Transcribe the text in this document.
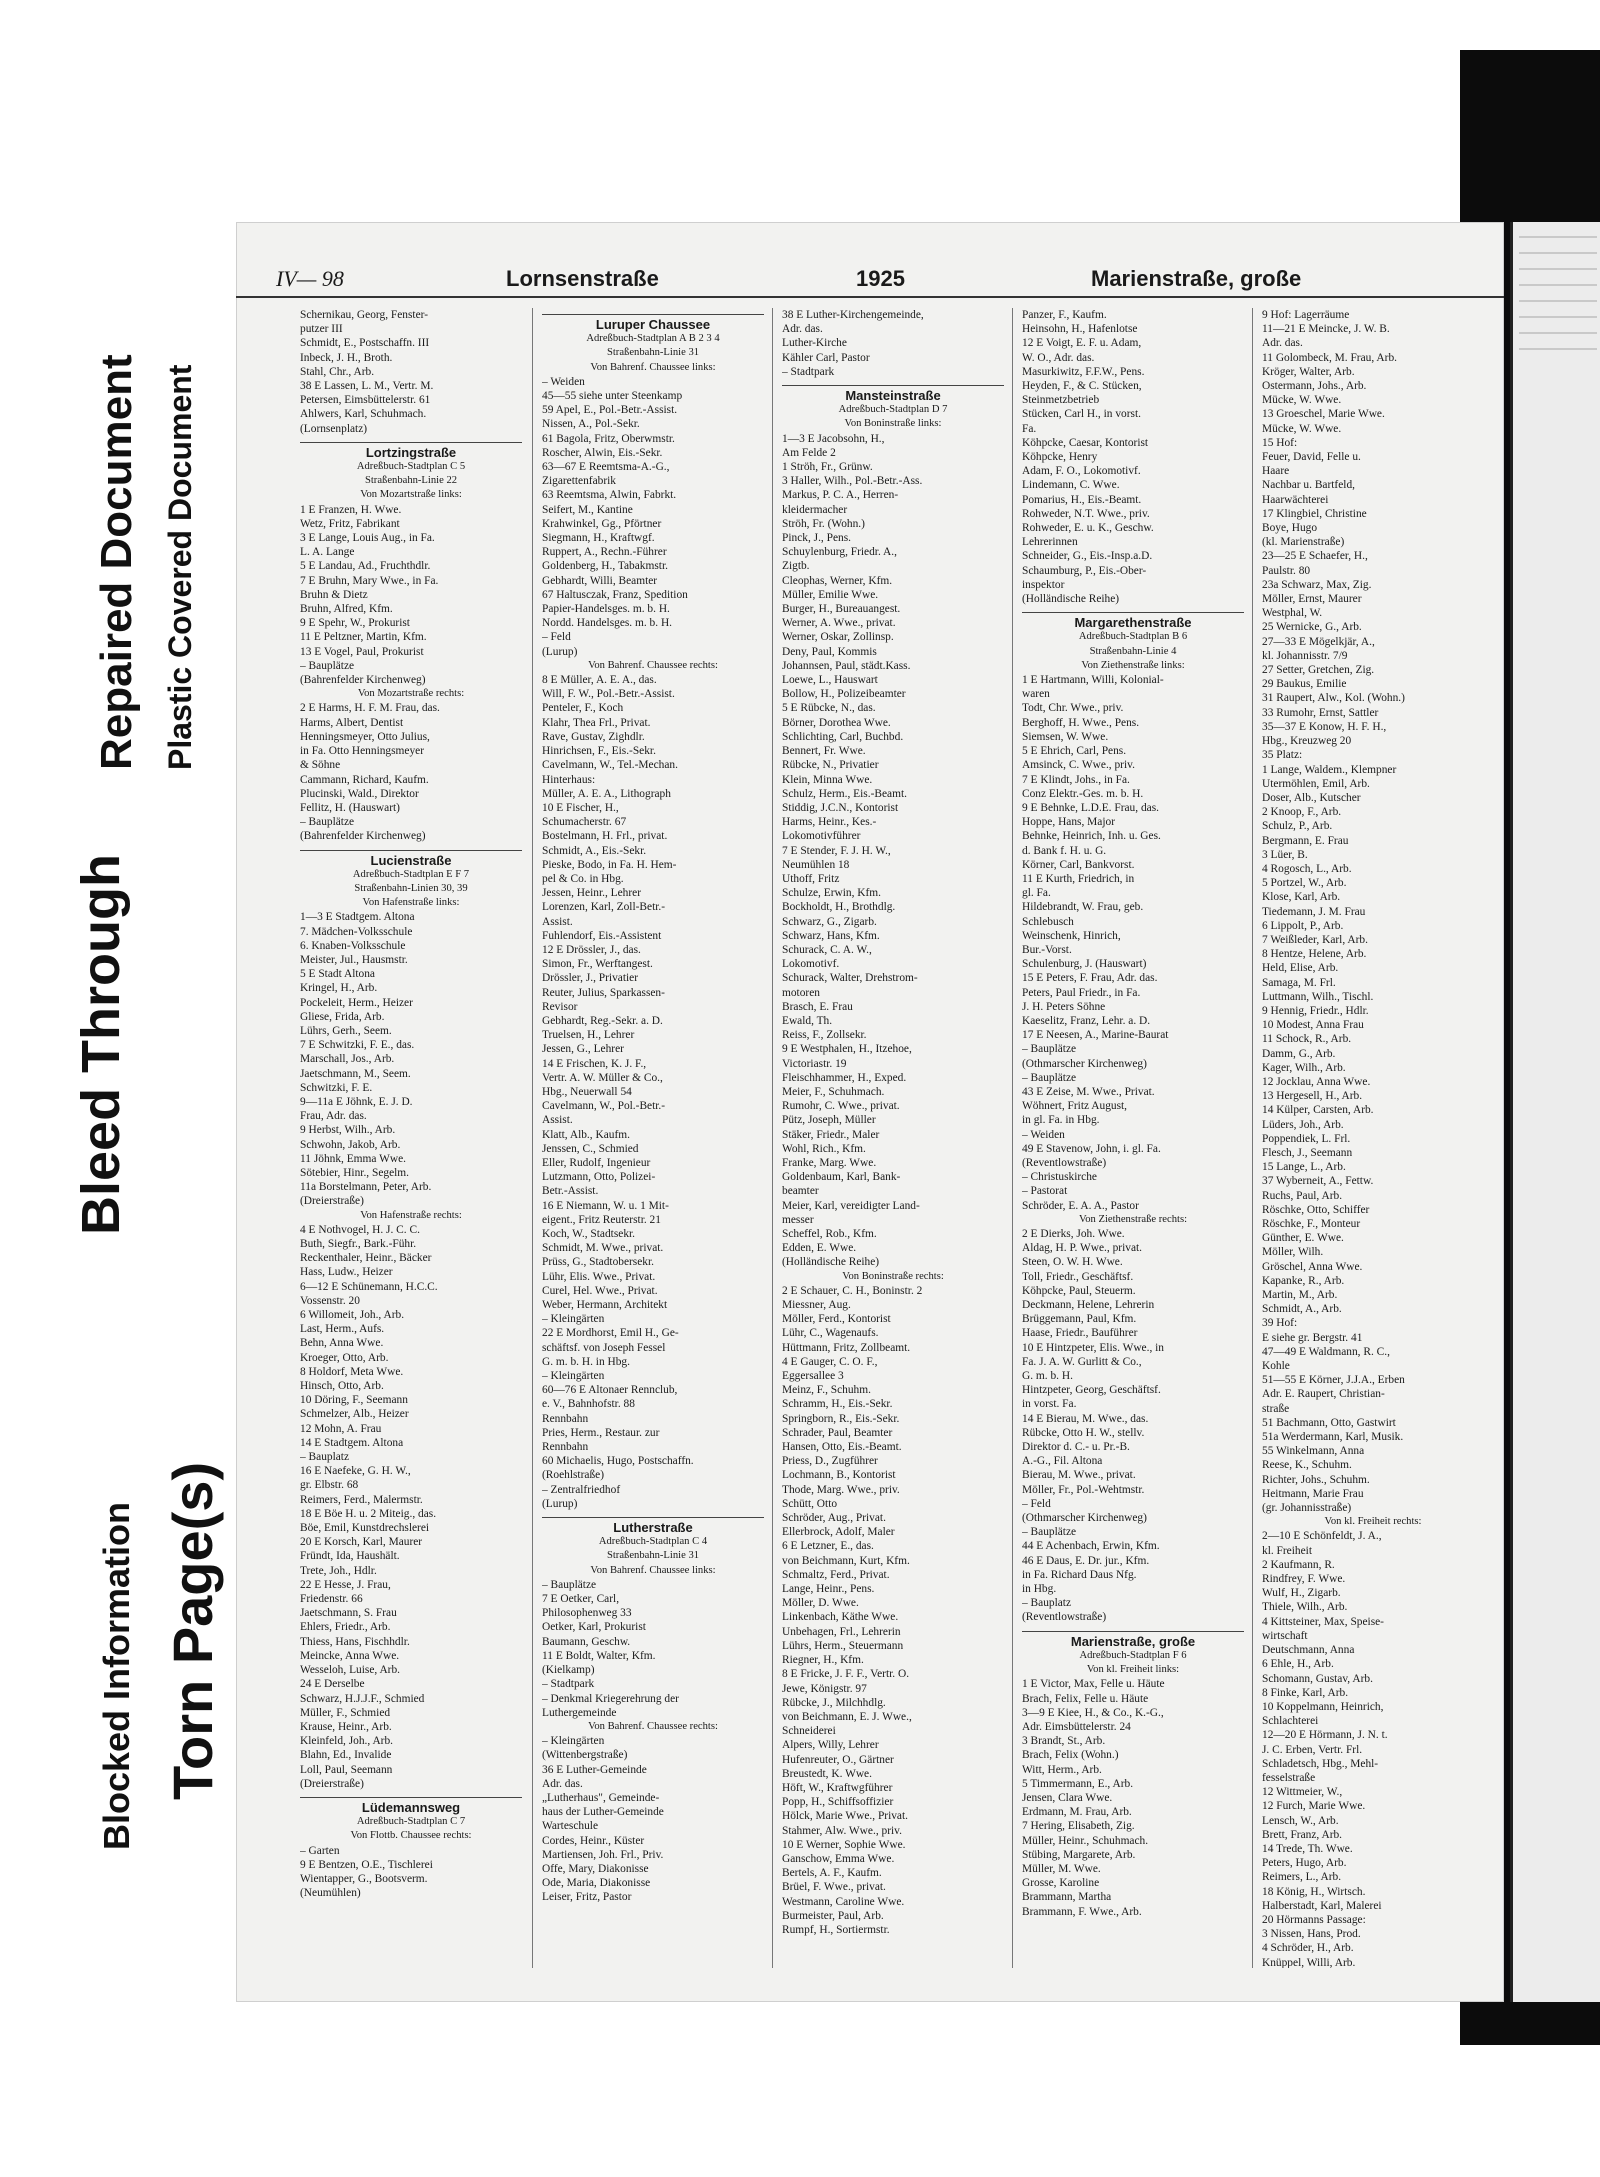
Bleed Through
Repaired Document Plastic Covered Document
Blocked Information Torn Page(s)
IV— 98	Lornsenstraße	1925	Marienstraße, große
Schernikau, Georg, Fenster-
putzer III
Schmidt, E., Postschaffn. III
Inbeck, J. H., Broth.
Stahl, Chr., Arb.
38 E Lassen, L. M., Vertr. M.
Petersen, Eimsbüttelerstr. 61
Ahlwers, Karl, Schuhmach.
(Lornsenplatz)
Lortzingstraße
Adreßbuch-Stadtplan C 5
Straßenbahn-Linie 22
Von Mozartstraße links:
1 E Franzen, H. Wwe.
Wetz, Fritz, Fabrikant
3 E Lange, Louis Aug., in Fa.
L. A. Lange
5 E Landau, Ad., Fruchthdlr.
7 E Bruhn, Mary Wwe., in Fa.
Bruhn & Dietz
Bruhn, Alfred, Kfm.
9 E Spehr, W., Prokurist
11 E Peltzner, Martin, Kfm.
13 E Vogel, Paul, Prokurist
– Bauplätze
(Bahrenfelder Kirchenweg)
Von Mozartstraße rechts:
2 E Harms, H. F. M. Frau, das.
Harms, Albert, Dentist
Henningsmeyer, Otto Julius,
in Fa. Otto Henningsmeyer
& Söhne
Cammann, Richard, Kaufm.
Plucinski, Wald., Direktor
Fellitz, H. (Hauswart)
– Bauplätze
(Bahrenfelder Kirchenweg)
Lucienstraße
Adreßbuch-Stadtplan E F 7
Straßenbahn-Linien 30, 39
Von Hafenstraße links:
1—3 E Stadtgem. Altona
7. Mädchen-Volksschule
6. Knaben-Volksschule
Meister, Jul., Hausmstr.
5 E Stadt Altona
Kringel, H., Arb.
Pockeleit, Herm., Heizer
Gliese, Frida, Arb.
Lührs, Gerh., Seem.
7 E Schwitzki, F. E., das.
Marschall, Jos., Arb.
Jaetschmann, M., Seem.
Schwitzki, F. E.
9—11a E Jöhnk, E. J. D.
Frau, Adr. das.
9 Herbst, Wilh., Arb.
Schwohn, Jakob, Arb.
11 Jöhnk, Emma Wwe.
Sötebier, Hinr., Segelm.
11a Borstelmann, Peter, Arb.
(Dreierstraße)
Von Hafenstraße rechts:
4 E Nothvogel, H. J. C. C.
Buth, Siegfr., Bark.-Führ.
Reckenthaler, Heinr., Bäcker
Hass, Ludw., Heizer
6—12 E Schünemann, H.C.C.
Vossenstr. 20
6 Willomeit, Joh., Arb.
Last, Herm., Aufs.
Behn, Anna Wwe.
Kroeger, Otto, Arb.
8 Holdorf, Meta Wwe.
Hinsch, Otto, Arb.
10 Döring, F., Seemann
Schmelzer, Alb., Heizer
12 Mohn, A. Frau
14 E Stadtgem. Altona
– Bauplatz
16 E Naefeke, G. H. W.,
gr. Elbstr. 68
Reimers, Ferd., Malermstr.
18 E Böe H. u. 2 Miteig., das.
Böe, Emil, Kunstdrechslerei
20 E Korsch, Karl, Maurer
Fründt, Ida, Haushält.
Trete, Joh., Hdlr.
22 E Hesse, J. Frau,
Friedenstr. 66
Jaetschmann, S. Frau
Ehlers, Friedr., Arb.
Thiess, Hans, Fischhdlr.
Meincke, Anna Wwe.
Wesseloh, Luise, Arb.
24 E Derselbe
Schwarz, H.J.J.F., Schmied
Müller, F., Schmied
Krause, Heinr., Arb.
Kleinfeld, Joh., Arb.
Blahn, Ed., Invalide
Loll, Paul, Seemann
(Dreierstraße)
Lüdemannsweg
Adreßbuch-Stadtplan C 7
Von Flottb. Chaussee rechts:
– Garten
9 E Bentzen, O.E., Tischlerei
Wientapper, G., Bootsverm.
(Neumühlen)
Luruper Chaussee
Adreßbuch-Stadtplan A B 2 3 4
Straßenbahn-Linie 31
Von Bahrenf. Chaussee links:
– Weiden
45—55 siehe unter Steenkamp
59 Apel, E., Pol.-Betr.-Assist.
Nissen, A., Pol.-Sekr.
61 Bagola, Fritz, Oberwmstr.
Roscher, Alwin, Eis.-Sekr.
63—67 E Reemtsma-A.-G.,
Zigarettenfabrik
63 Reemtsma, Alwin, Fabrkt.
Seifert, M., Kantine
Krahwinkel, Gg., Pförtner
Siegmann, H., Kraftwgf.
Ruppert, A., Rechn.-Führer
Goldenberg, H., Tabakmstr.
Gebhardt, Willi, Beamter
67 Haltusczak, Franz, Spedition
Papier-Handelsges. m. b. H.
Nordd. Handelsges. m. b. H.
– Feld
(Lurup)
Von Bahrenf. Chaussee rechts:
8 E Müller, A. E. A., das.
Will, F. W., Pol.-Betr.-Assist.
Penteler, F., Koch
Klahr, Thea Frl., Privat.
Rave, Gustav, Zighdlr.
Hinrichsen, F., Eis.-Sekr.
Cavelmann, W., Tel.-Mechan.
Hinterhaus:
Müller, A. E. A., Lithograph
10 E Fischer, H.,
Schumacherstr. 67
Bostelmann, H. Frl., privat.
Schmidt, A., Eis.-Sekr.
Pieske, Bodo, in Fa. H. Hem-
pel & Co. in Hbg.
Jessen, Heinr., Lehrer
Lorenzen, Karl, Zoll-Betr.-
Assist.
Fuhlendorf, Eis.-Assistent
12 E Drössler, J., das.
Simon, Fr., Werftangest.
Drössler, J., Privatier
Reuter, Julius, Sparkassen-
Revisor
Gebhardt, Reg.-Sekr. a. D.
Truelsen, H., Lehrer
Jessen, G., Lehrer
14 E Frischen, K. J. F.,
Vertr. A. W. Müller & Co.,
Hbg., Neuerwall 54
Cavelmann, W., Pol.-Betr.-
Assist.
Klatt, Alb., Kaufm.
Jenssen, C., Schmied
Eller, Rudolf, Ingenieur
Lutzmann, Otto, Polizei-
Betr.-Assist.
16 E Niemann, W. u. 1 Mit-
eigent., Fritz Reuterstr. 21
Koch, W., Stadtsekr.
Schmidt, M. Wwe., privat.
Prüss, G., Stadtobersekr.
Lühr, Elis. Wwe., Privat.
Curel, Hel. Wwe., Privat.
Weber, Hermann, Architekt
– Kleingärten
22 E Mordhorst, Emil H., Ge-
schäftsf. von Joseph Fessel
G. m. b. H. in Hbg.
– Kleingärten
60—76 E Altonaer Rennclub,
e. V., Bahnhofstr. 88
Rennbahn
Pries, Herm., Restaur. zur
Rennbahn
60 Michaelis, Hugo, Postschaffn.
(Roehlstraße)
– Zentralfriedhof
(Lurup)
Lutherstraße
Adreßbuch-Stadtplan C 4
Straßenbahn-Linie 31
Von Bahrenf. Chaussee links:
– Bauplätze
7 E Oetker, Carl,
Philosophenweg 33
Oetker, Karl, Prokurist
Baumann, Geschw.
11 E Boldt, Walter, Kfm.
(Kielkamp)
– Stadtpark
– Denkmal Kriegerehrung der
Luthergemeinde
Von Bahrenf. Chaussee rechts:
– Kleingärten
(Wittenbergstraße)
36 E Luther-Gemeinde
Adr. das.
„Lutherhaus", Gemeinde-
haus der Luther-Gemeinde
Warteschule
Cordes, Heinr., Küster
Martiensen, Joh. Frl., Priv.
Offe, Mary, Diakonisse
Ode, Maria, Diakonisse
Leiser, Fritz, Pastor
38 E Luther-Kirchengemeinde,
Adr. das.
Luther-Kirche
Kähler Carl, Pastor
– Stadtpark
Mansteinstraße
Adreßbuch-Stadtplan D 7
Von Boninstraße links:
1—3 E Jacobsohn, H.,
Am Felde 2
1 Ströh, Fr., Grünw.
3 Haller, Wilh., Pol.-Betr.-Ass.
Markus, P. C. A., Herren-
kleidermacher
Ströh, Fr. (Wohn.)
Pinck, J., Pens.
Schuylenburg, Friedr. A.,
Zigtb.
Cleophas, Werner, Kfm.
Müller, Emilie Wwe.
Burger, H., Bureauangest.
Werner, A. Wwe., privat.
Werner, Oskar, Zollinsp.
Deny, Paul, Kommis
Johannsen, Paul, städt.Kass.
Loewe, L., Hauswart
Bollow, H., Polizeibeamter
5 E Rübcke, N., das.
Börner, Dorothea Wwe.
Schlichting, Carl, Buchbd.
Bennert, Fr. Wwe.
Rübcke, N., Privatier
Klein, Minna Wwe.
Schulz, Herm., Eis.-Beamt.
Stiddig, J.C.N., Kontorist
Harms, Heinr., Kes.-
Lokomotivführer
7 E Stender, F. J. H. W.,
Neumühlen 18
Uthoff, Fritz
Schulze, Erwin, Kfm.
Bockholdt, H., Brothdlg.
Schwarz, G., Zigarb.
Schwarz, Hans, Kfm.
Schurack, C. A. W.,
Lokomotivf.
Schurack, Walter, Drehstrom-
motoren
Brasch, E. Frau
Ewald, Th.
Reiss, F., Zollsekr.
9 E Westphalen, H., Itzehoe,
Victoriastr. 19
Fleischhammer, H., Exped.
Meier, F., Schuhmach.
Rumohr, C. Wwe., privat.
Pütz, Joseph, Müller
Stäker, Friedr., Maler
Wohl, Rich., Kfm.
Franke, Marg. Wwe.
Goldenbaum, Karl, Bank-
beamter
Meier, Karl, vereidigter Land-
messer
Scheffel, Rob., Kfm.
Edden, E. Wwe.
(Holländische Reihe)
Von Boninstraße rechts:
2 E Schauer, C. H., Boninstr. 2
Miessner, Aug.
Möller, Ferd., Kontorist
Lühr, C., Wagenaufs.
Hüttmann, Fritz, Zollbeamt.
4 E Gauger, C. O. F.,
Eggersallee 3
Meinz, F., Schuhm.
Schramm, H., Eis.-Sekr.
Springborn, R., Eis.-Sekr.
Schrader, Paul, Beamter
Hansen, Otto, Eis.-Beamt.
Priess, D., Zugführer
Lochmann, B., Kontorist
Thode, Marg. Wwe., priv.
Schütt, Otto
Schröder, Aug., Privat.
Ellerbrock, Adolf, Maler
6 E Letzner, E., das.
von Beichmann, Kurt, Kfm.
Schmaltz, Ferd., Privat.
Lange, Heinr., Pens.
Möller, D. Wwe.
Linkenbach, Käthe Wwe.
Unbehagen, Frl., Lehrerin
Lührs, Herm., Steuermann
Riegner, H., Kfm.
8 E Fricke, J. F. F., Vertr. O.
Jewe, Königstr. 97
Rübcke, J., Milchhdlg.
von Beichmann, E. J. Wwe.,
Schneiderei
Alpers, Willy, Lehrer
Hufenreuter, O., Gärtner
Breustedt, K. Wwe.
Höft, W., Kraftwgführer
Popp, H., Schiffsoffizier
Hölck, Marie Wwe., Privat.
Stahmer, Alw. Wwe., priv.
10 E Werner, Sophie Wwe.
Ganschow, Emma Wwe.
Bertels, A. F., Kaufm.
Brüel, F. Wwe., privat.
Westmann, Caroline Wwe.
Burmeister, Paul, Arb.
Rumpf, H., Sortiermstr.
Panzer, F., Kaufm.
Heinsohn, H., Hafenlotse
12 E Voigt, E. F. u. Adam,
W. O., Adr. das.
Masurkiwitz, F.F.W., Pens.
Heyden, F., & C. Stücken,
Steinmetzbetrieb
Stücken, Carl H., in vorst.
Fa.
Köhpcke, Caesar, Kontorist
Köhpcke, Henry
Adam, F. O., Lokomotivf.
Lindemann, C. Wwe.
Pomarius, H., Eis.-Beamt.
Rohweder, N.T. Wwe., priv.
Rohweder, E. u. K., Geschw.
Lehrerinnen
Schneider, G., Eis.-Insp.a.D.
Schaumburg, P., Eis.-Ober-
inspektor
(Holländische Reihe)
Margarethenstraße
Adreßbuch-Stadtplan B 6
Straßenbahn-Linie 4
Von Ziethenstraße links:
1 E Hartmann, Willi, Kolonial-
waren
Todt, Chr. Wwe., priv.
Berghoff, H. Wwe., Pens.
Siemsen, W. Wwe.
5 E Ehrich, Carl, Pens.
Amsinck, C. Wwe., priv.
7 E Klindt, Johs., in Fa.
Conz Elektr.-Ges. m. b. H.
9 E Behnke, L.D.E. Frau, das.
Hoppe, Hans, Major
Behnke, Heinrich, Inh. u. Ges.
d. Bank f. H. u. G.
Körner, Carl, Bankvorst.
11 E Kurth, Friedrich, in
gl. Fa.
Hildebrandt, W. Frau, geb.
Schlebusch
Weinschenk, Hinrich,
Bur.-Vorst.
Schulenburg, J. (Hauswart)
15 E Peters, F. Frau, Adr. das.
Peters, Paul Friedr., in Fa.
J. H. Peters Söhne
Kaeselitz, Franz, Lehr. a. D.
17 E Neesen, A., Marine-Baurat
– Bauplätze
(Othmarscher Kirchenweg)
– Bauplätze
43 E Zeise, M. Wwe., Privat.
Wöhnert, Fritz August,
in gl. Fa. in Hbg.
– Weiden
49 E Stavenow, John, i. gl. Fa.
(Reventlowstraße)
– Christuskirche
– Pastorat
Schröder, E. A. A., Pastor
Von Ziethenstraße rechts:
2 E Dierks, Joh. Wwe.
Aldag, H. P. Wwe., privat.
Steen, O. W. H. Wwe.
Toll, Friedr., Geschäftsf.
Köhpcke, Paul, Steuerm.
Deckmann, Helene, Lehrerin
Brüggemann, Paul, Kfm.
Haase, Friedr., Bauführer
10 E Hintzpeter, Elis. Wwe., in
Fa. J. A. W. Gurlitt & Co.,
G. m. b. H.
Hintzpeter, Georg, Geschäftsf.
in vorst. Fa.
14 E Bierau, M. Wwe., das.
Rübcke, Otto H. W., stellv.
Direktor d. C.- u. Pr.-B.
A.-G., Fil. Altona
Bierau, M. Wwe., privat.
Möller, Fr., Pol.-Wehtmstr.
– Feld
(Othmarscher Kirchenweg)
– Bauplätze
44 E Achenbach, Erwin, Kfm.
46 E Daus, E. Dr. jur., Kfm.
in Fa. Richard Daus Nfg.
in Hbg.
– Bauplatz
(Reventlowstraße)
Marienstraße, große
Adreßbuch-Stadtplan F 6
Von kl. Freiheit links:
1 E Victor, Max, Felle u. Häute
Brach, Felix, Felle u. Häute
3—9 E Kiee, H., & Co., K.-G.,
Adr. Eimsbüttelerstr. 24
3 Brandt, St., Arb.
Brach, Felix (Wohn.)
Witt, Herm., Arb.
5 Timmermann, E., Arb.
Jensen, Clara Wwe.
Erdmann, M. Frau, Arb.
7 Hering, Elisabeth, Zig.
Müller, Heinr., Schuhmach.
Stübing, Margarete, Arb.
Müller, M. Wwe.
Grosse, Karoline
Brammann, Martha
Brammann, F. Wwe., Arb.
9 Hof: Lagerräume
11—21 E Meincke, J. W. B.
Adr. das.
11 Golombeck, M. Frau, Arb.
Kröger, Walter, Arb.
Ostermann, Johs., Arb.
Mücke, W. Wwe.
13 Groeschel, Marie Wwe.
Mücke, W. Wwe.
15 Hof:
Feuer, David, Felle u.
Haare
Nachbar u. Bartfeld,
Haarwächterei
17 Klingbiel, Christine
Boye, Hugo
(kl. Marienstraße)
23—25 E Schaefer, H.,
Paulstr. 80
23a Schwarz, Max, Zig.
Möller, Ernst, Maurer
Westphal, W.
25 Wernicke, G., Arb.
27—33 E Mögelkjär, A.,
kl. Johannisstr. 7/9
27 Setter, Gretchen, Zig.
29 Baukus, Emilie
31 Raupert, Alw., Kol. (Wohn.)
33 Rumohr, Ernst, Sattler
35—37 E Konow, H. F. H.,
Hbg., Kreuzweg 20
35 Platz:
1 Lange, Waldem., Klempner
Utermöhlen, Emil, Arb.
Doser, Alb., Kutscher
2 Knoop, F., Arb.
Schulz, P., Arb.
Bergmann, E. Frau
3 Lüer, B.
4 Rogosch, L., Arb.
5 Portzel, W., Arb.
Klose, Karl, Arb.
Tiedemann, J. M. Frau
6 Lippolt, P., Arb.
7 Weißleder, Karl, Arb.
8 Hentze, Helene, Arb.
Held, Elise, Arb.
Samaga, M. Frl.
Luttmann, Wilh., Tischl.
9 Hennig, Friedr., Hdlr.
10 Modest, Anna Frau
11 Schock, R., Arb.
Damm, G., Arb.
Kager, Wilh., Arb.
12 Jocklau, Anna Wwe.
13 Hergesell, H., Arb.
14 Külper, Carsten, Arb.
Lüders, Joh., Arb.
Poppendiek, L. Frl.
Flesch, J., Seemann
15 Lange, L., Arb.
37 Wyberneit, A., Fettw.
Ruchs, Paul, Arb.
Röschke, Otto, Schiffer
Röschke, F., Monteur
Günther, E. Wwe.
Möller, Wilh.
Gröschel, Anna Wwe.
Kapanke, R., Arb.
Martin, M., Arb.
Schmidt, A., Arb.
39 Hof:
E siehe gr. Bergstr. 41
47—49 E Waldmann, R. C.,
Kohle
51—55 E Körner, J.J.A., Erben
Adr. E. Raupert, Christian-
straße
51 Bachmann, Otto, Gastwirt
51a Werdermann, Karl, Musik.
55 Winkelmann, Anna
Reese, K., Schuhm.
Richter, Johs., Schuhm.
Heitmann, Marie Frau
(gr. Johannisstraße)
Von kl. Freiheit rechts:
2—10 E Schönfeldt, J. A.,
kl. Freiheit
2 Kaufmann, R.
Rindfrey, F. Wwe.
Wulf, H., Zigarb.
Thiele, Wilh., Arb.
4 Kittsteiner, Max, Speise-
wirtschaft
Deutschmann, Anna
6 Ehle, H., Arb.
Schomann, Gustav, Arb.
8 Finke, Karl, Arb.
10 Koppelmann, Heinrich,
Schlachterei
12—20 E Hörmann, J. N. t.
J. C. Erben, Vertr. Frl.
Schladetsch, Hbg., Mehl-
fesselstraße
12 Wittmeier, W.,
12 Furch, Marie Wwe.
Lensch, W., Arb.
Brett, Franz, Arb.
14 Trede, Th. Wwe.
Peters, Hugo, Arb.
Reimers, L., Arb.
18 König, H., Wirtsch.
Halberstadt, Karl, Malerei
20 Hörmanns Passage:
3 Nissen, Hans, Prod.
4 Schröder, H., Arb.
Knüppel, Willi, Arb.
